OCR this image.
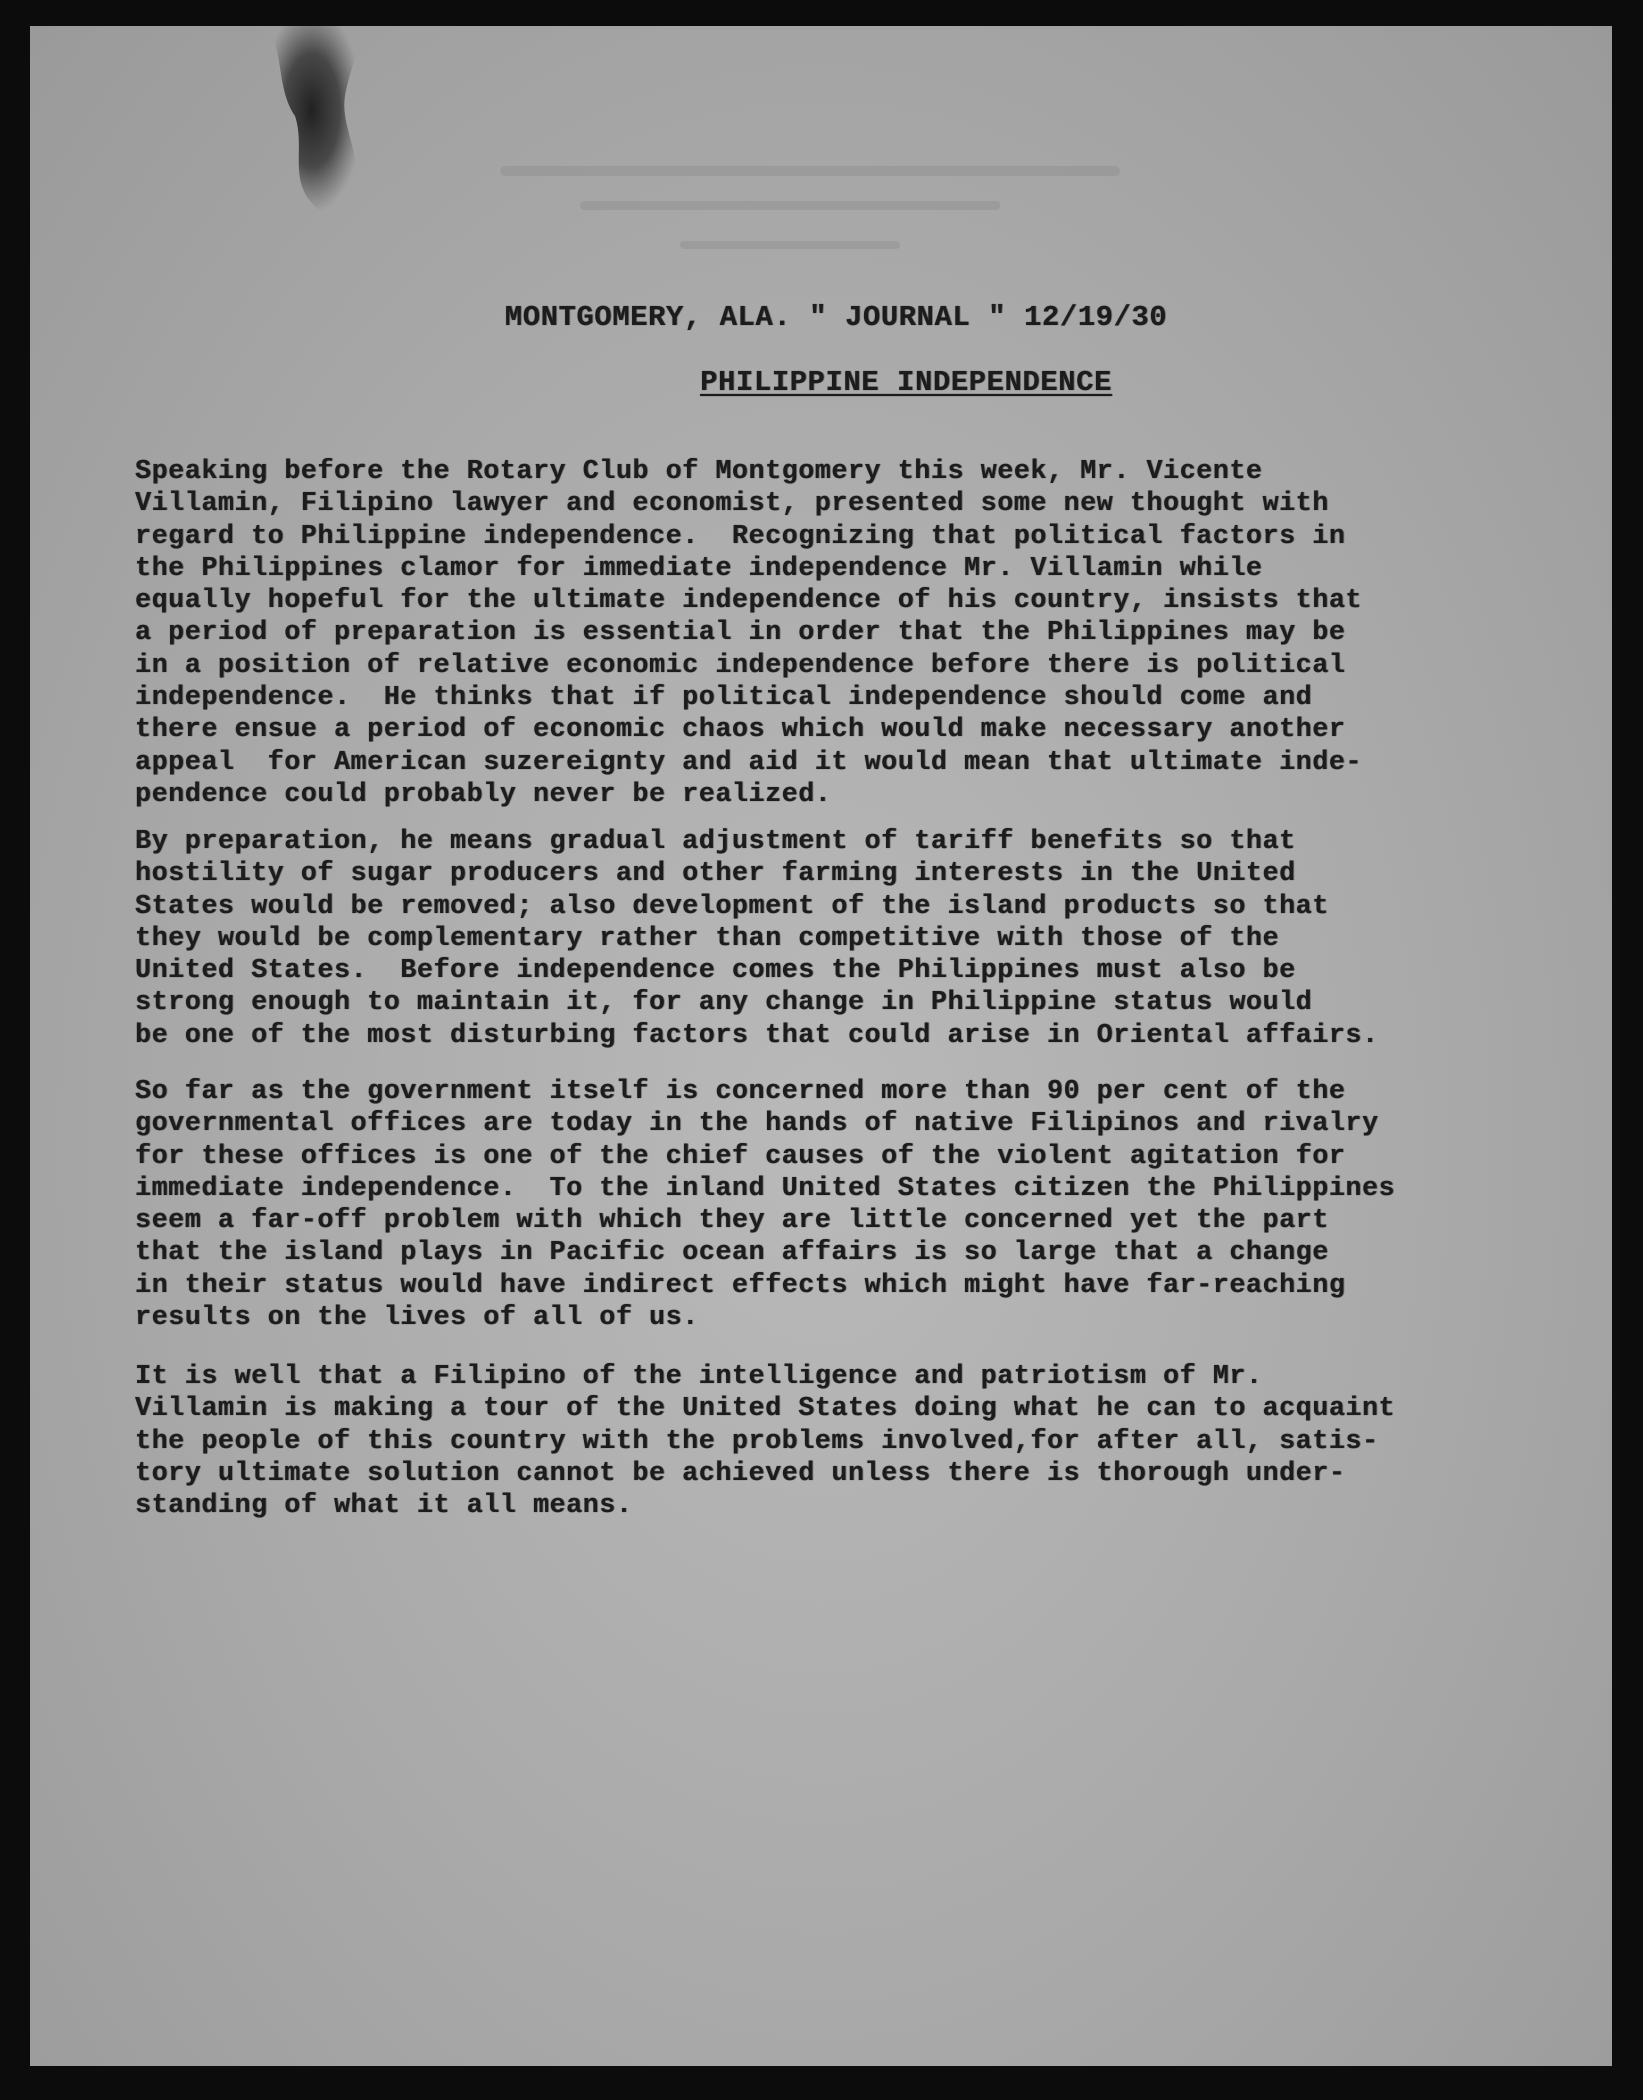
MONTGOMERY, ALA. " JOURNAL " 12/19/30
PHILIPPINE INDEPENDENCE

Speaking before the Rotary Club of Montgomery this week, Mr. Vicente
Villamin, Filipino lawyer and economist, presented some new thought with
regard to Philippine independence.  Recognizing that political factors in
the Philippines clamor for immediate independence Mr. Villamin while
equally hopeful for the ultimate independence of his country, insists that
a period of preparation is essential in order that the Philippines may be
in a position of relative economic independence before there is political
independence.  He thinks that if political independence should come and
there ensue a period of economic chaos which would make necessary another
appeal  for American suzereignty and aid it would mean that ultimate inde-
pendence could probably never be realized.

By preparation, he means gradual adjustment of tariff benefits so that
hostility of sugar producers and other farming interests in the United
States would be removed; also development of the island products so that
they would be complementary rather than competitive with those of the
United States.  Before independence comes the Philippines must also be
strong enough to maintain it, for any change in Philippine status would
be one of the most disturbing factors that could arise in Oriental affairs.

So far as the government itself is concerned more than 90 per cent of the
governmental offices are today in the hands of native Filipinos and rivalry
for these offices is one of the chief causes of the violent agitation for
immediate independence.  To the inland United States citizen the Philippines
seem a far-off problem with which they are little concerned yet the part
that the island plays in Pacific ocean affairs is so large that a change
in their status would have indirect effects which might have far-reaching
results on the lives of all of us.

It is well that a Filipino of the intelligence and patriotism of Mr.
Villamin is making a tour of the United States doing what he can to acquaint
the people of this country with the problems involved,for after all, satis-
tory ultimate solution cannot be achieved unless there is thorough under-
standing of what it all means.
